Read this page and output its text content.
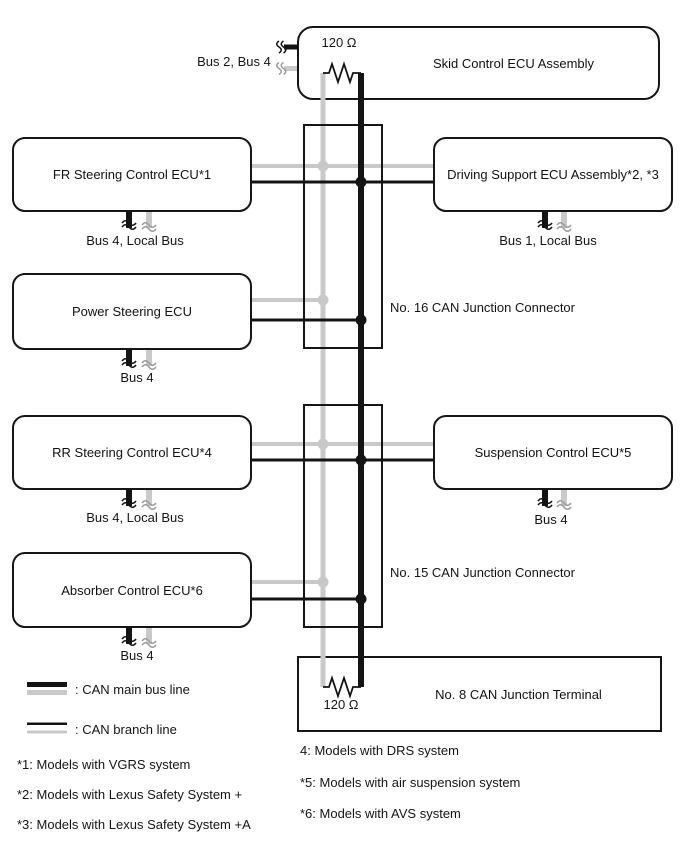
Skid Control ECU Assembly
FR Steering Control ECU*1	Driving Support ECU Assembly*2, *3
Power Steering ECU
RR Steering Control ECU*4	Suspension Control ECU*5
Absorber Control ECU*6
No. 8 CAN Junction Terminal
120 Ω
120 Ω
Bus 2, Bus 4
Bus 4, Local Bus	Bus 1, Local Bus
Bus 4
Bus 4, Local Bus	Bus 4
Bus 4
No. 16 CAN Junction Connector
No. 15 CAN Junction Connector
: CAN main bus line
: CAN branch line
*1: Models with VGRS system
*2: Models with Lexus Safety System +
*3: Models with Lexus Safety System +A
4: Models with DRS system
*5: Models with air suspension system
*6: Models with AVS system
